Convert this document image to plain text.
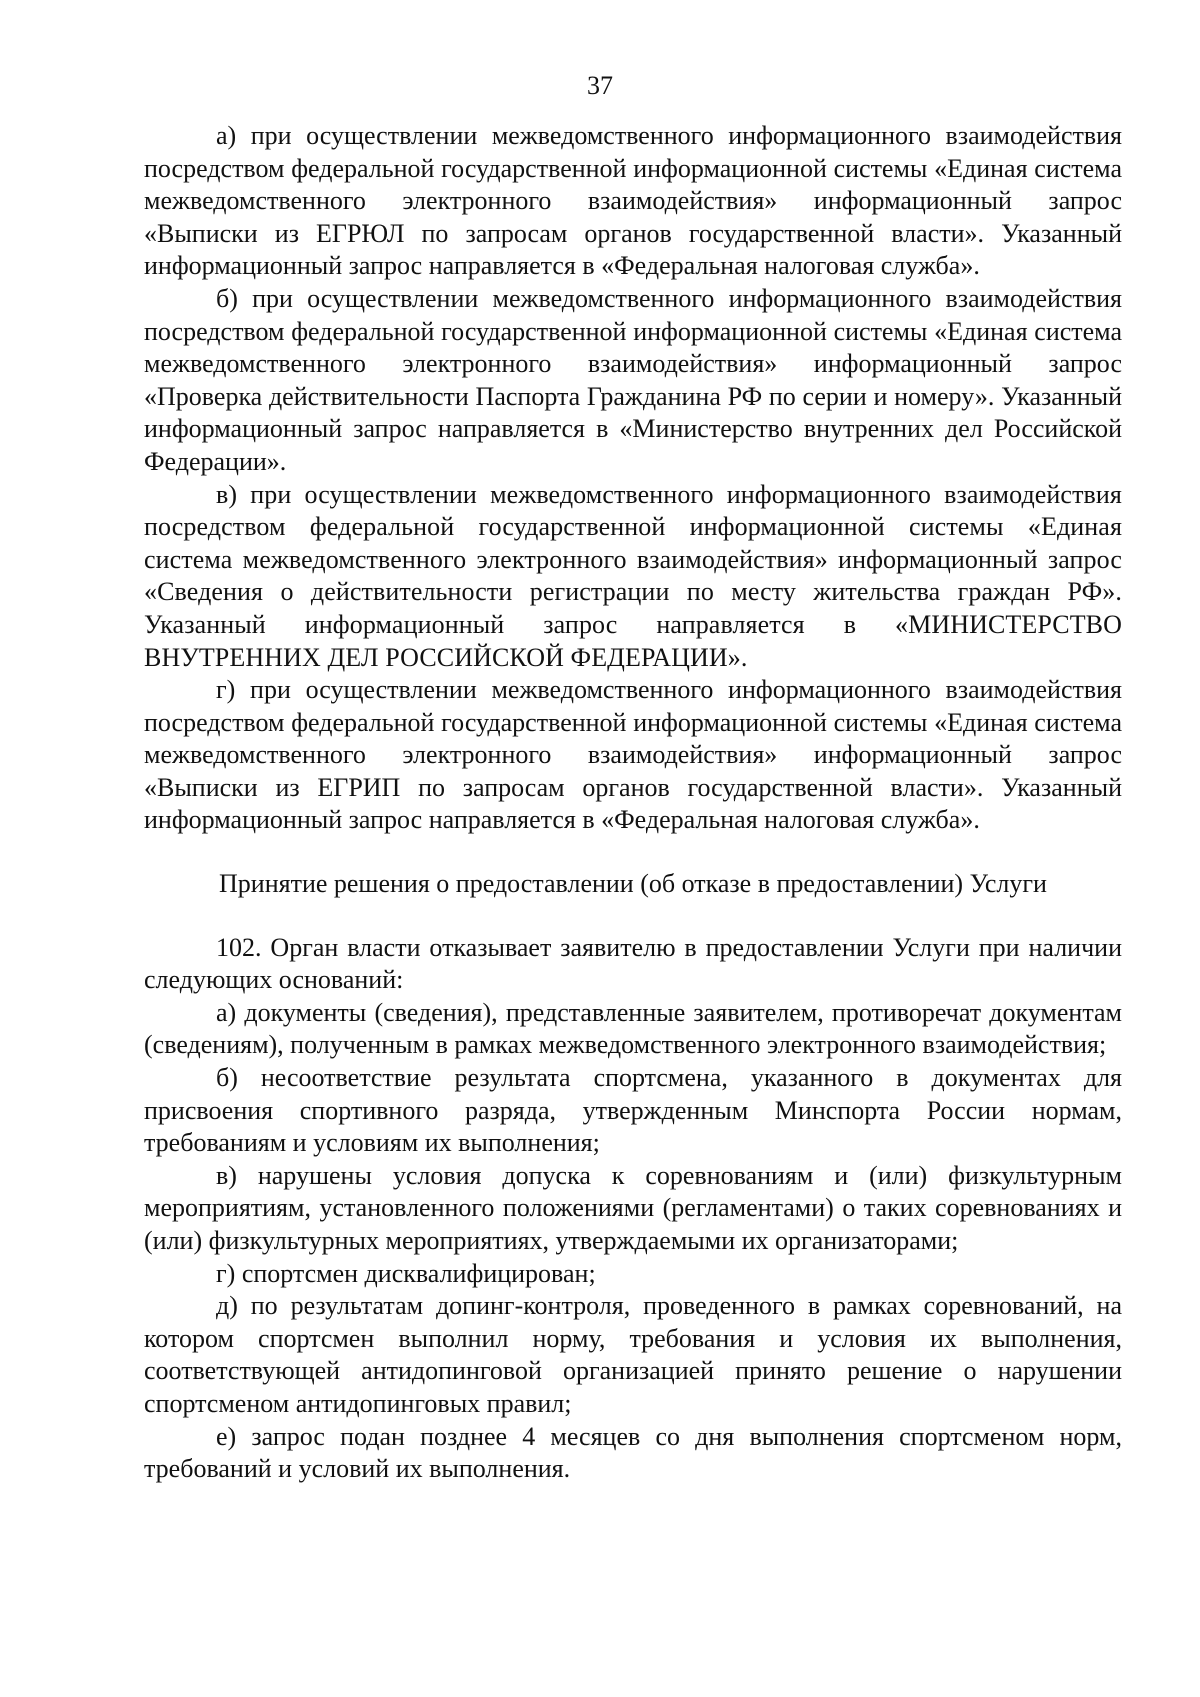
37

а) при осуществлении межведомственного информационного взаимодействия посредством федеральной государственной информационной системы «Единая система межведомственного электронного взаимодействия» информационный запрос «Выписки из ЕГРЮЛ по запросам органов государственной власти». Указанный информационный запрос направляется в «Федеральная налоговая служба».

б) при осуществлении межведомственного информационного взаимодействия посредством федеральной государственной информационной системы «Единая система межведомственного электронного взаимодействия» информационный запрос «Проверка действительности Паспорта Гражданина РФ по серии и номеру». Указанный информационный запрос направляется в «Министерство внутренних дел Российской Федерации».

в) при осуществлении межведомственного информационного взаимодействия посредством федеральной государственной информационной системы «Единая система межведомственного электронного взаимодействия» информационный запрос «Сведения о действительности регистрации по месту жительства граждан РФ». Указанный информационный запрос направляется в «МИНИСТЕРСТВО ВНУТРЕННИХ ДЕЛ РОССИЙСКОЙ ФЕДЕРАЦИИ».

г) при осуществлении межведомственного информационного взаимодействия посредством федеральной государственной информационной системы «Единая система межведомственного электронного взаимодействия» информационный запрос «Выписки из ЕГРИП по запросам органов государственной власти». Указанный информационный запрос направляется в «Федеральная налоговая служба».

Принятие решения о предоставлении (об отказе в предоставлении) Услуги

102. Орган власти отказывает заявителю в предоставлении Услуги при наличии следующих оснований:

а) документы (сведения), представленные заявителем, противоречат документам (сведениям), полученным в рамках межведомственного электронного взаимодействия;

б) несоответствие результата спортсмена, указанного в документах для присвоения спортивного разряда, утвержденным Минспорта России нормам, требованиям и условиям их выполнения;

в) нарушены условия допуска к соревнованиям и (или) физкультурным мероприятиям, установленного положениями (регламентами) о таких соревнованиях и (или) физкультурных мероприятиях, утверждаемыми их организаторами;

г) спортсмен дисквалифицирован;

д) по результатам допинг-контроля, проведенного в рамках соревнований, на котором спортсмен выполнил норму, требования и условия их выполнения, соответствующей антидопинговой организацией принято решение о нарушении спортсменом антидопинговых правил;

е) запрос подан позднее 4 месяцев со дня выполнения спортсменом норм, требований и условий их выполнения.
